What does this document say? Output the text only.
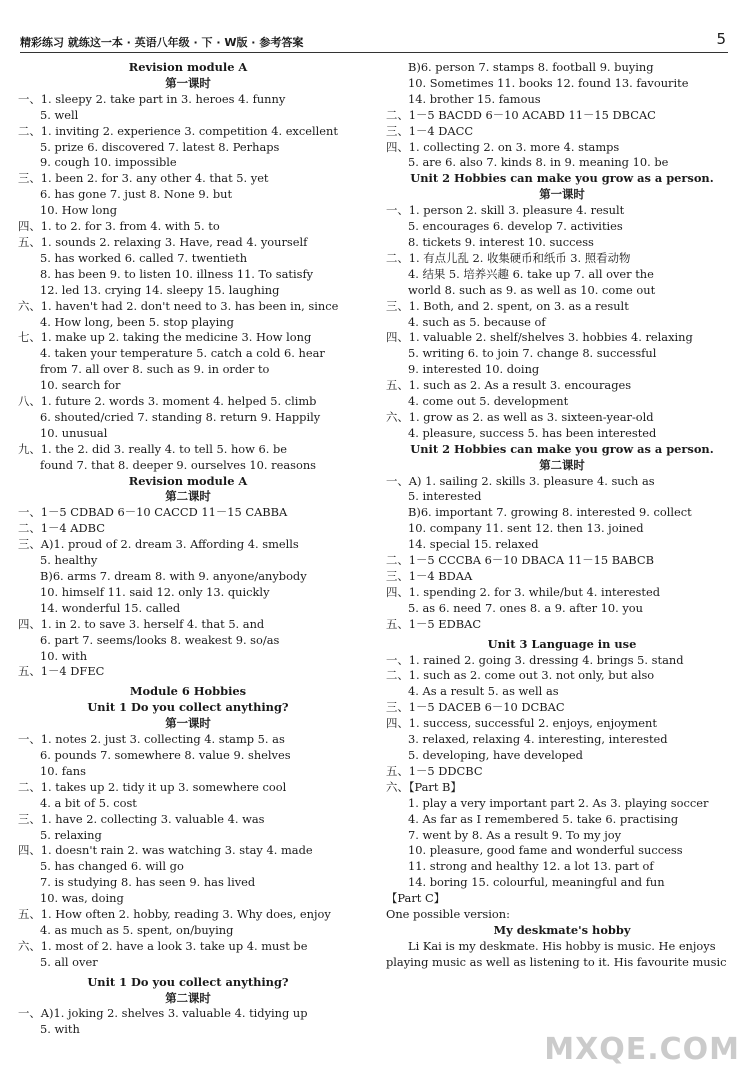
精彩练习 就练这一本 · 英语八年级 · 下 · W版 · 参考答案	5
Revision module A
第一课时
一、1. sleepy 2. take part in 3. heroes 4. funny
5. well
二、1. inviting 2. experience 3. competition 4. excellent
5. prize 6. discovered 7. latest 8. Perhaps
9. cough 10. impossible
三、1. been 2. for 3. any other 4. that 5. yet
6. has gone 7. just 8. None 9. but
10. How long
四、1. to 2. for 3. from 4. with 5. to
五、1. sounds 2. relaxing 3. Have, read 4. yourself
5. has worked 6. called 7. twentieth
8. has been 9. to listen 10. illness 11. To satisfy
12. led 13. crying 14. sleepy 15. laughing
六、1. haven't had 2. don't need to 3. has been in, since
4. How long, been 5. stop playing
七、1. make up 2. taking the medicine 3. How long
4. taken your temperature 5. catch a cold 6. hear
from 7. all over 8. such as 9. in order to
10. search for
八、1. future 2. words 3. moment 4. helped 5. climb
6. shouted/cried 7. standing 8. return 9. Happily
10. unusual
九、1. the 2. did 3. really 4. to tell 5. how 6. be
found 7. that 8. deeper 9. ourselves 10. reasons
Revision module A
第二课时
一、1－5 CDBAD 6－10 CACCD 11－15 CABBA
二、1－4 ADBC
三、A)1. proud of 2. dream 3. Affording 4. smells
5. healthy
B)6. arms 7. dream 8. with 9. anyone/anybody
10. himself 11. said 12. only 13. quickly
14. wonderful 15. called
四、1. in 2. to save 3. herself 4. that 5. and
6. part 7. seems/looks 8. weakest 9. so/as
10. with
五、1－4 DFEC
Module 6 Hobbies
Unit 1 Do you collect anything?
第一课时
一、1. notes 2. just 3. collecting 4. stamp 5. as
6. pounds 7. somewhere 8. value 9. shelves
10. fans
二、1. takes up 2. tidy it up 3. somewhere cool
4. a bit of 5. cost
三、1. have 2. collecting 3. valuable 4. was
5. relaxing
四、1. doesn't rain 2. was watching 3. stay 4. made
5. has changed 6. will go
7. is studying 8. has seen 9. has lived
10. was, doing
五、1. How often 2. hobby, reading 3. Why does, enjoy
4. as much as 5. spent, on/buying
六、1. most of 2. have a look 3. take up 4. must be
5. all over
Unit 1 Do you collect anything?
第二课时
一、A)1. joking 2. shelves 3. valuable 4. tidying up
5. with
B)6. person 7. stamps 8. football 9. buying
10. Sometimes 11. books 12. found 13. favourite
14. brother 15. famous
二、1－5 BACDD 6－10 ACABD 11－15 DBCAC
三、1－4 DACC
四、1. collecting 2. on 3. more 4. stamps
5. are 6. also 7. kinds 8. in 9. meaning 10. be
Unit 2 Hobbies can make you grow as a person.
第一课时
一、1. person 2. skill 3. pleasure 4. result
5. encourages 6. develop 7. activities
8. tickets 9. interest 10. success
二、1. 有点儿乱 2. 收集硬币和纸币 3. 照看动物
4. 结果 5. 培养兴趣 6. take up 7. all over the
world 8. such as 9. as well as 10. come out
三、1. Both, and 2. spent, on 3. as a result
4. such as 5. because of
四、1. valuable 2. shelf/shelves 3. hobbies 4. relaxing
5. writing 6. to join 7. change 8. successful
9. interested 10. doing
五、1. such as 2. As a result 3. encourages
4. come out 5. development
六、1. grow as 2. as well as 3. sixteen-year-old
4. pleasure, success 5. has been interested
Unit 2 Hobbies can make you grow as a person.
第二课时
一、A) 1. sailing 2. skills 3. pleasure 4. such as
5. interested
B)6. important 7. growing 8. interested 9. collect
10. company 11. sent 12. then 13. joined
14. special 15. relaxed
二、1－5 CCCBA 6－10 DBACA 11－15 BABCB
三、1－4 BDAA
四、1. spending 2. for 3. while/but 4. interested
5. as 6. need 7. ones 8. a 9. after 10. you
五、1－5 EDBAC
Unit 3 Language in use
一、1. rained 2. going 3. dressing 4. brings 5. stand
二、1. such as 2. come out 3. not only, but also
4. As a result 5. as well as
三、1－5 DACEB 6－10 DCBAC
四、1. success, successful 2. enjoys, enjoyment
3. relaxed, relaxing 4. interesting, interested
5. developing, have developed
五、1－5 DDCBC
六、【Part B】
1. play a very important part 2. As 3. playing soccer
4. As far as I remembered 5. take 6. practising
7. went by 8. As a result 9. To my joy
10. pleasure, good fame and wonderful success
11. strong and healthy 12. a lot 13. part of
14. boring 15. colourful, meaningful and fun
【Part C】
One possible version:
My deskmate's hobby
Li Kai is my deskmate. His hobby is music. He enjoys playing music as well as listening to it. His favourite music
MXQE.COM
